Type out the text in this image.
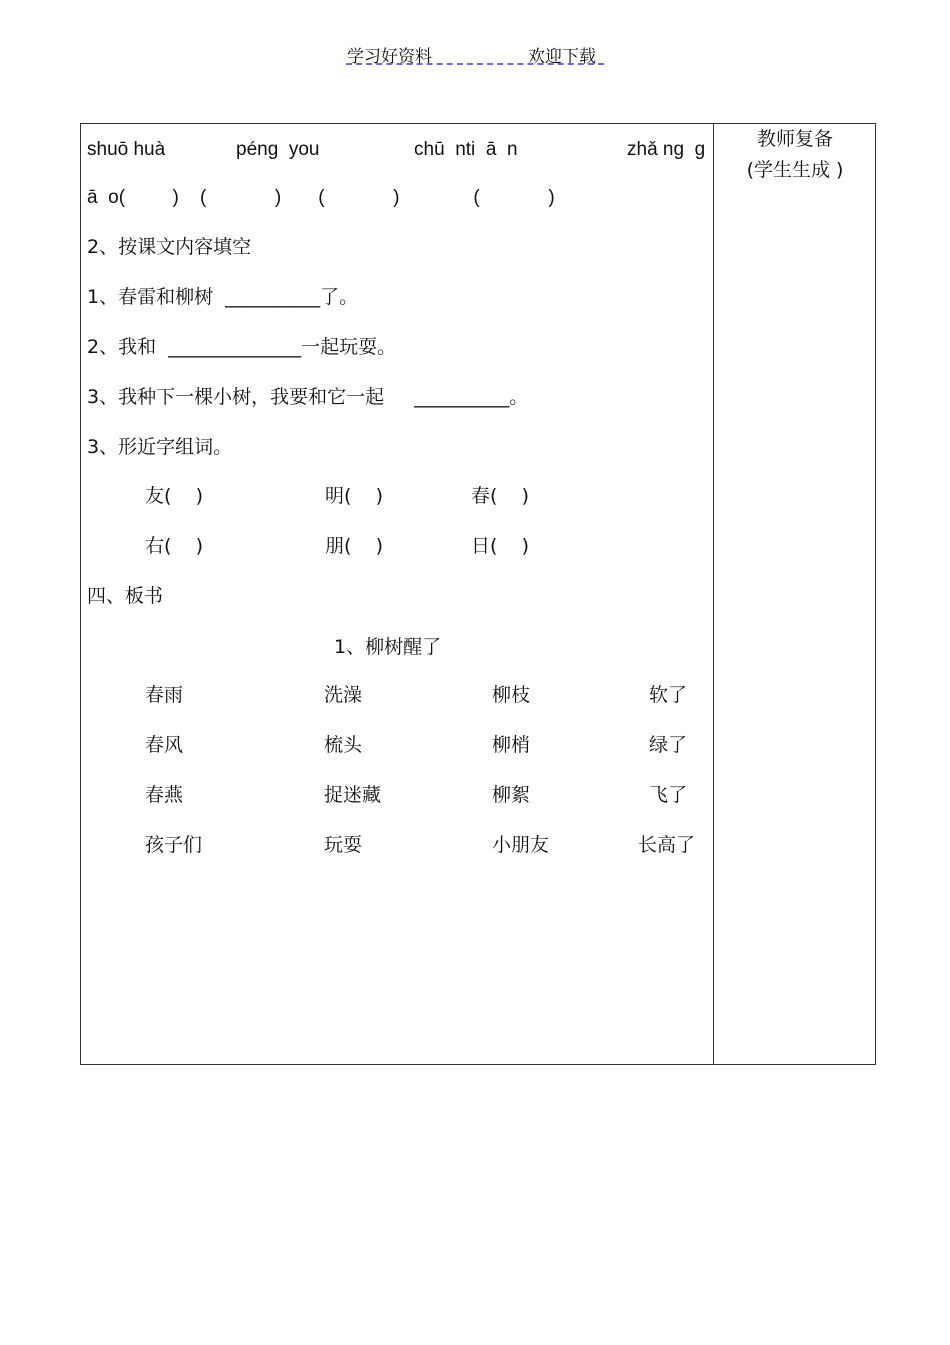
学习好资料	欢迎下载
教师复备
(学生生成 )
shuō huà	péng  you	chū  nti  ā  n	zhǎ ng  g
ā  o(         )    (             )       (             )              (             )
2、按课文内容填空
1、春雷和柳树  __________了。
2、我和  ______________一起玩耍。
3、我种下一棵小树，我要和它一起     __________。
3、形近字组词。
友(    )	明(    )	春(    )
右(    )	朋(    )	日(    )
四、板书
1、柳树醒了
春雨	洗澡	柳枝	软了
春风	梳头	柳梢	绿了
春燕	捉迷藏	柳絮	飞了
孩子们	玩耍	小朋友	长高了
